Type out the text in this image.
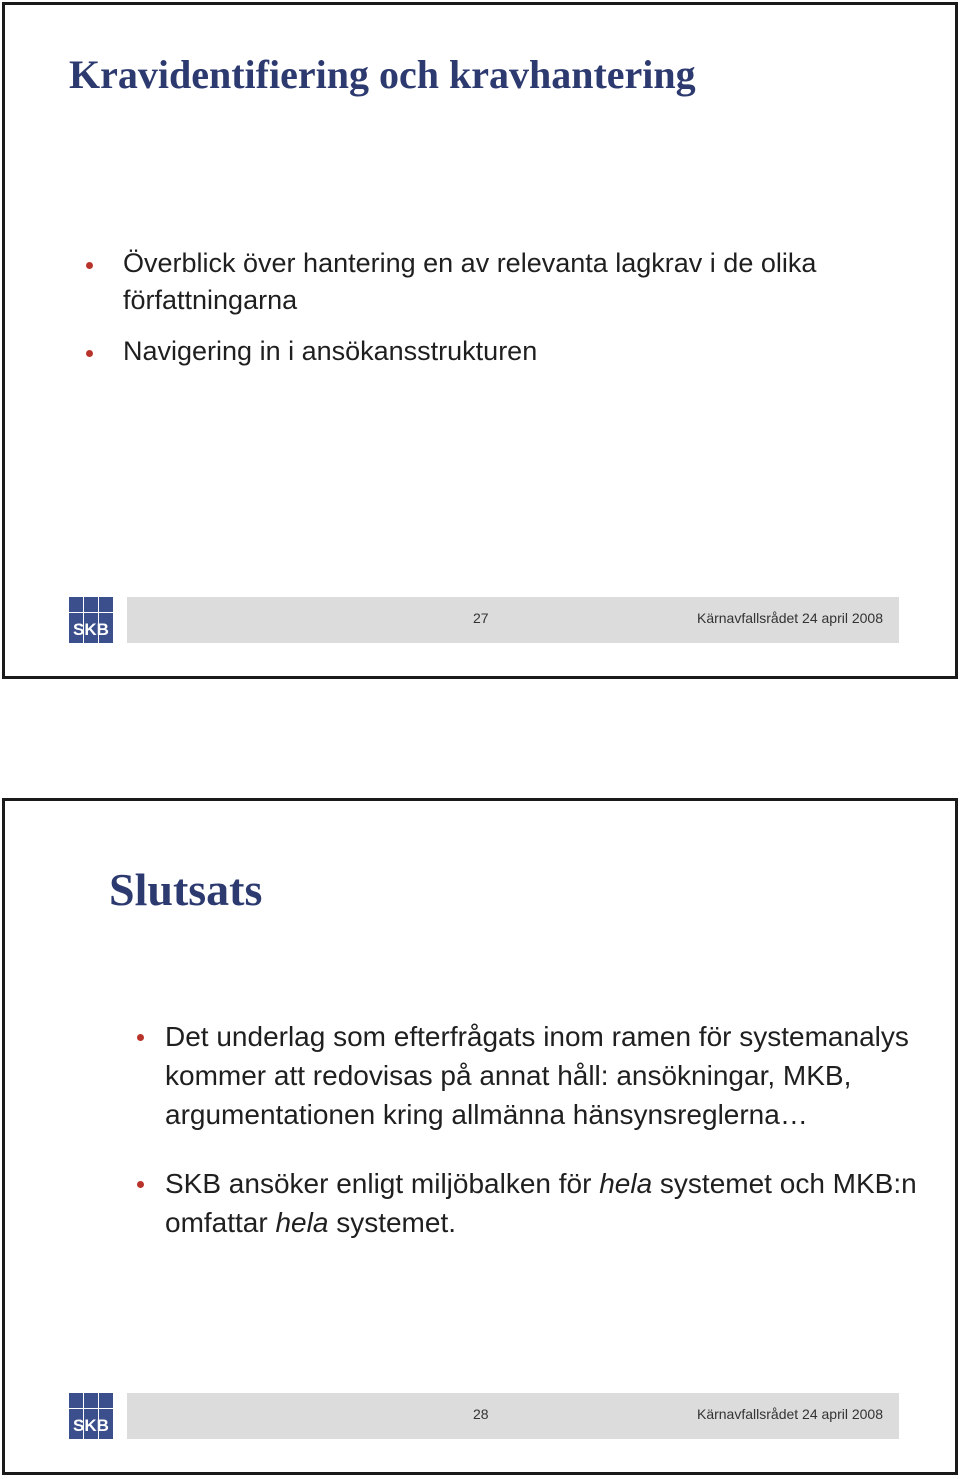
Kravidentifiering och kravhantering
Överblick över hantering en av relevanta lagkrav i de olika författningarna
Navigering in i ansökansstrukturen
SKB
27	Kärnavfallsrådet 24 april 2008
Slutsats
Det underlag som efterfrågats inom ramen för systemanalys kommer att redovisas på annat håll: ansökningar, MKB, argumentationen kring allmänna hänsynsreglerna…
SKB ansöker enligt miljöbalken för hela systemet och MKB:n omfattar hela systemet.
SKB
28	Kärnavfallsrådet 24 april 2008
